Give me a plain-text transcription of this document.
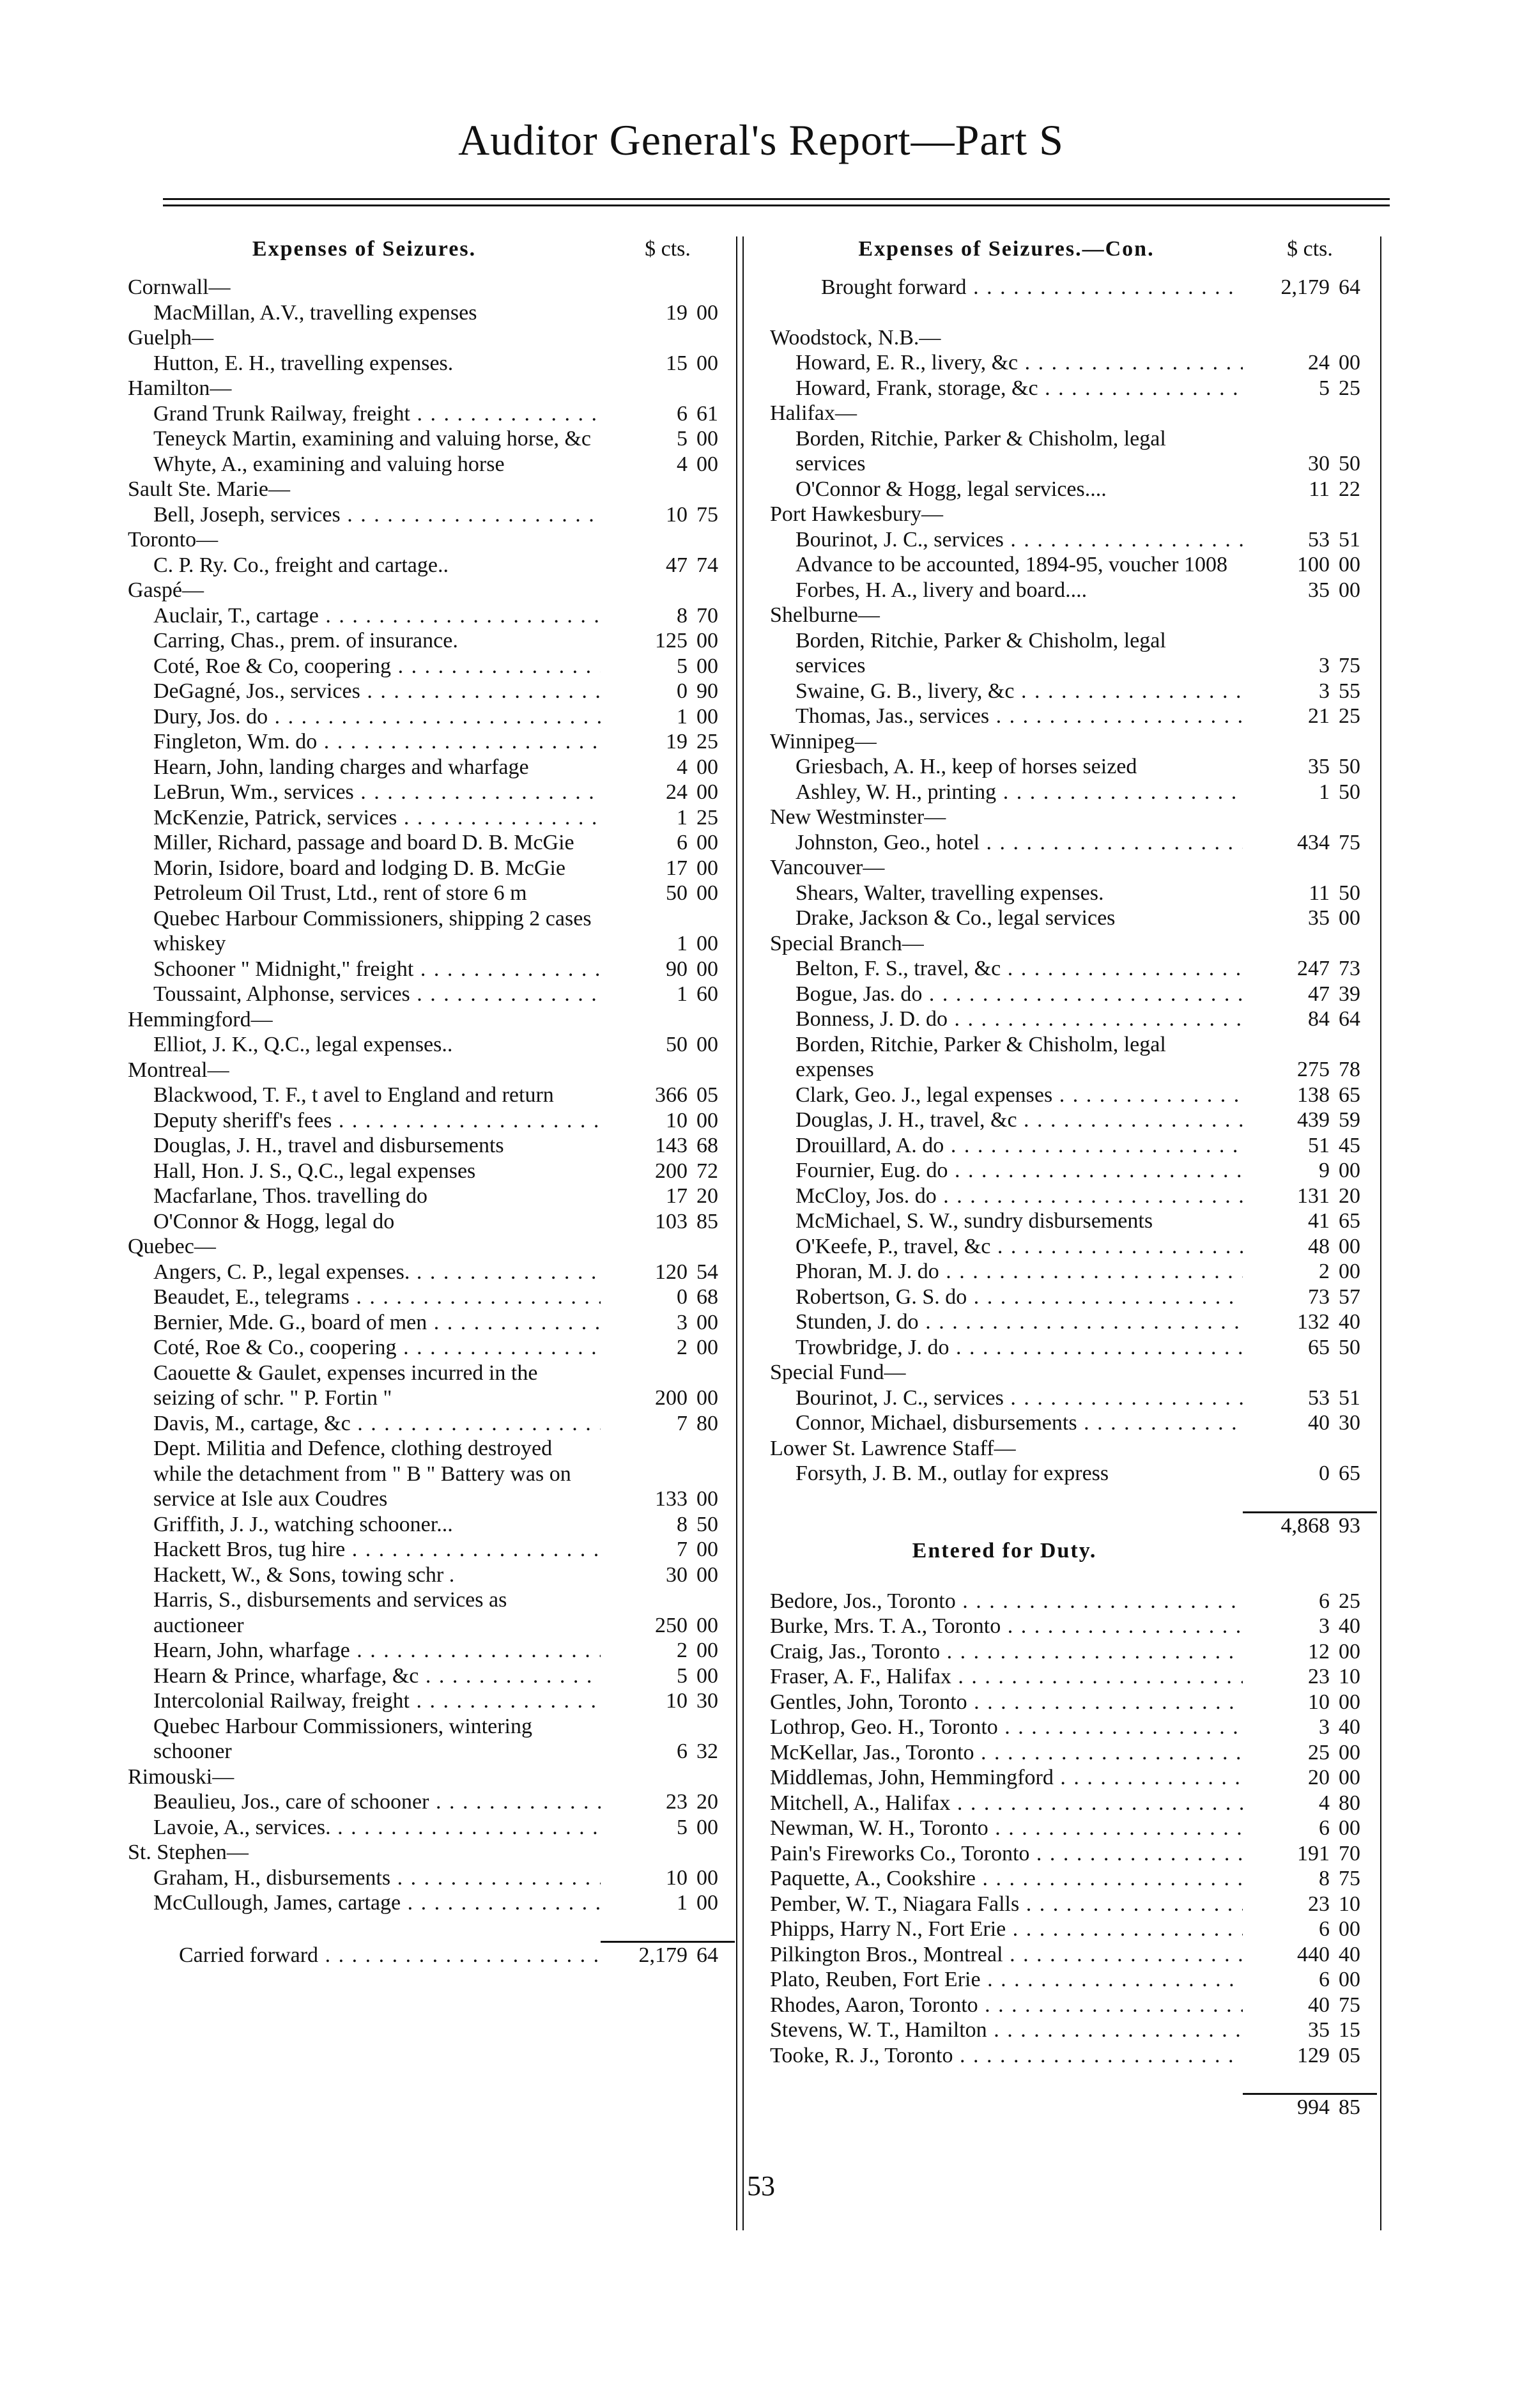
Auditor General's Report—Part S
Expenses of Seizures.	$ cts.
Cornwall—
MacMillan, A.V., travelling expenses	19 00
Guelph—
Hutton, E. H., travelling expenses.	15 00
Hamilton—
Grand Trunk Railway, freight . . .	6 61
Teneyck Martin, examining and valuing horse, &c	5 00
Whyte, A., examining and valuing horse	4 00
Sault Ste. Marie—
Bell, Joseph, services . . .	10 75
Toronto—
C. P. Ry. Co., freight and cartage..	47 74
Gaspé—
Auclair, T., cartage . . .	8 70
Carring, Chas., prem. of insurance.	125 00
Coté, Roe & Co, coopering . . .	5 00
DeGagné, Jos., services . . .	0 90
Dury, Jos. do . . .	1 00
Fingleton, Wm. do . . .	19 25
Hearn, John, landing charges and wharfage	4 00
LeBrun, Wm., services . . .	24 00
McKenzie, Patrick, services . . .	1 25
Miller, Richard, passage and board D. B. McGie	6 00
Morin, Isidore, board and lodging D. B. McGie	17 00
Petroleum Oil Trust, Ltd., rent of store 6 m	50 00
Quebec Harbour Commissioners, shipping 2 cases whiskey	1 00
Schooner " Midnight," freight . . .	90 00
Toussaint, Alphonse, services . . .	1 60
Hemmingford—
Elliot, J. K., Q.C., legal expenses..	50 00
Montreal—
Blackwood, T. F., t avel to England and return	366 05
Deputy sheriff's fees . . .	10 00
Douglas, J. H., travel and disbursements	143 68
Hall, Hon. J. S., Q.C., legal expenses	200 72
Macfarlane, Thos. travelling do	17 20
O'Connor & Hogg, legal do	103 85
Quebec—
Angers, C. P., legal expenses. . . .	120 54
Beaudet, E., telegrams . . .	0 68
Bernier, Mde. G., board of men . . .	3 00
Coté, Roe & Co., coopering . . .	2 00
Caouette & Gaulet, expenses incurred in the seizing of schr. " P. Fortin "	200 00
Davis, M., cartage, &c . . .	7 80
Dept. Militia and Defence, clothing destroyed while the detachment from " B " Battery was on service at Isle aux Coudres	133 00
Griffith, J. J., watching schooner...	8 50
Hackett Bros, tug hire . . .	7 00
Hackett, W., & Sons, towing schr .	30 00
Harris, S., disbursements and services as auctioneer	250 00
Hearn, John, wharfage . . .	2 00
Hearn & Prince, wharfage, &c . . .	5 00
Intercolonial Railway, freight . . .	10 30
Quebec Harbour Commissioners, wintering schooner	6 32
Rimouski—
Beaulieu, Jos., care of schooner . . .	23 20
Lavoie, A., services. . . .	5 00
St. Stephen—
Graham, H., disbursements . . .	10 00
McCullough, James, cartage . . .	1 00
Carried forward . . .	2,179 64
Expenses of Seizures.—Con.	$ cts.
Brought forward . . .	2,179 64
Woodstock, N.B.—
Howard, E. R., livery, &c . . .	24 00
Howard, Frank, storage, &c . . .	5 25
Halifax—
Borden, Ritchie, Parker & Chisholm, legal services	30 50
O'Connor & Hogg, legal services....	11 22
Port Hawkesbury—
Bourinot, J. C., services . . .	53 51
Advance to be accounted, 1894-95, voucher 1008	100 00
Forbes, H. A., livery and board....	35 00
Shelburne—
Borden, Ritchie, Parker & Chisholm, legal services	3 75
Swaine, G. B., livery, &c . . .	3 55
Thomas, Jas., services . . .	21 25
Winnipeg—
Griesbach, A. H., keep of horses seized	35 50
Ashley, W. H., printing . . .	1 50
New Westminster—
Johnston, Geo., hotel . . .	434 75
Vancouver—
Shears, Walter, travelling expenses.	11 50
Drake, Jackson & Co., legal services	35 00
Special Branch—
Belton, F. S., travel, &c . . .	247 73
Bogue, Jas. do . . .	47 39
Bonness, J. D. do . . .	84 64
Borden, Ritchie, Parker & Chisholm, legal expenses	275 78
Clark, Geo. J., legal expenses . . .	138 65
Douglas, J. H., travel, &c . . .	439 59
Drouillard, A. do . . .	51 45
Fournier, Eug. do . . .	9 00
McCloy, Jos. do . . .	131 20
McMichael, S. W., sundry disbursements	41 65
O'Keefe, P., travel, &c . . .	48 00
Phoran, M. J. do . . .	2 00
Robertson, G. S. do . . .	73 57
Stunden, J. do . . .	132 40
Trowbridge, J. do . . .	65 50
Special Fund—
Bourinot, J. C., services . . .	53 51
Connor, Michael, disbursements . . .	40 30
Lower St. Lawrence Staff—
Forsyth, J. B. M., outlay for express	0 65
4,868 93
Entered for Duty.
Bedore, Jos., Toronto . . .	6 25
Burke, Mrs. T. A., Toronto . . .	3 40
Craig, Jas., Toronto . . .	12 00
Fraser, A. F., Halifax . . .	23 10
Gentles, John, Toronto . . .	10 00
Lothrop, Geo. H., Toronto . . .	3 40
McKellar, Jas., Toronto . . .	25 00
Middlemas, John, Hemmingford . . .	20 00
Mitchell, A., Halifax . . .	4 80
Newman, W. H., Toronto . . .	6 00
Pain's Fireworks Co., Toronto . . .	191 70
Paquette, A., Cookshire . . .	8 75
Pember, W. T., Niagara Falls . . .	23 10
Phipps, Harry N., Fort Erie . . .	6 00
Pilkington Bros., Montreal . . .	440 40
Plato, Reuben, Fort Erie . . .	6 00
Rhodes, Aaron, Toronto . . .	40 75
Stevens, W. T., Hamilton . . .	35 15
Tooke, R. J., Toronto . . .	129 05
994 85
53
